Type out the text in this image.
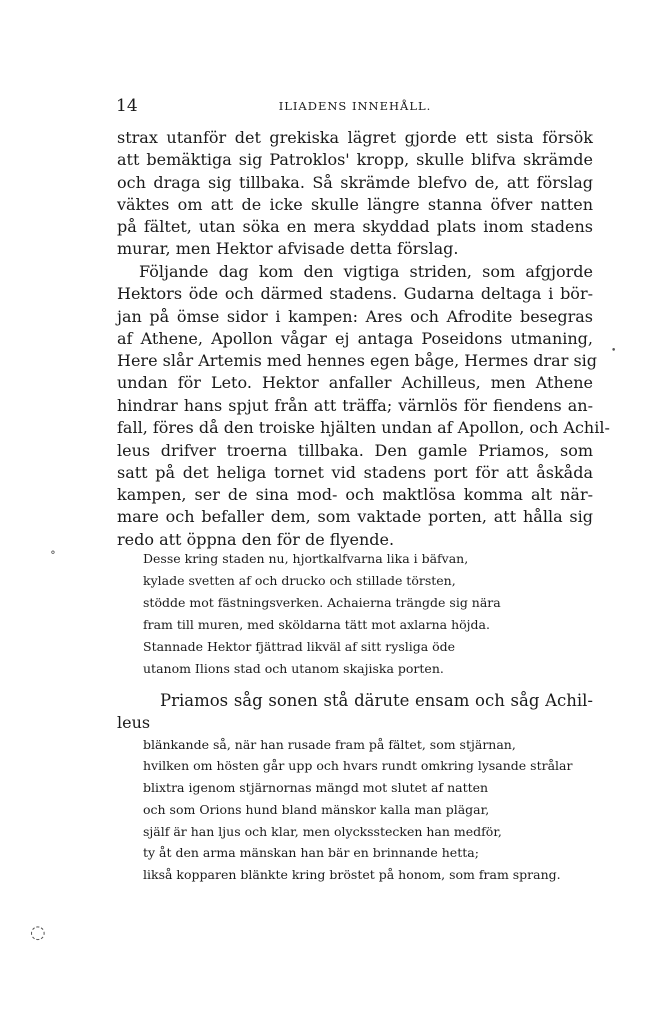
14	ILIADENS INNEHÅLL.
strax utanför det grekiska lägret gjorde ett sista försök
att bemäktiga sig Patroklos' kropp, skulle blifva skrämde
och draga sig tillbaka. Så skrämde blefvo de, att förslag
väktes om att de icke skulle längre stanna öfver natten
på fältet, utan söka en mera skyddad plats inom stadens
murar, men Hektor afvisade detta förslag.
Följande dag kom den vigtiga striden, som afgjorde
Hektors öde och därmed stadens. Gudarna deltaga i bör-
jan på ömse sidor i kampen: Ares och Afrodite besegras
af Athene, Apollon vågar ej antaga Poseidons utmaning,
Here slår Artemis med hennes egen båge, Hermes drar sig
undan för Leto. Hektor anfaller Achilleus, men Athene
hindrar hans spjut från att träffa; värnlös för fiendens an-
fall, föres då den troiske hjälten undan af Apollon, och Achil-
leus drifver troerna tillbaka. Den gamle Priamos, som
satt på det heliga tornet vid stadens port för att åskåda
kampen, ser de sina mod- och maktlösa komma alt när-
mare och befaller dem, som vaktade porten, att hålla sig
redo att öppna den för de flyende.
Desse kring staden nu, hjortkalfvarna lika i bäfvan,
kylade svetten af och drucko och stillade törsten,
stödde mot fästningsverken. Achaierna trängde sig nära
fram till muren, med sköldarna tätt mot axlarna höjda.
Stannade Hektor fjättrad likväl af sitt rysliga öde
utanom Ilions stad och utanom skajiska porten.
Priamos såg sonen stå därute ensam och såg Achil-
leus
blänkande så, när han rusade fram på fältet, som stjärnan,
hvilken om hösten går upp och hvars rundt omkring lysande strålar
blixtra igenom stjärnornas mängd mot slutet af natten
och som Orions hund bland mänskor kalla man plägar,
själf är han ljus och klar, men olycksstecken han medför,
ty åt den arma mänskan han bär en brinnande hetta;
likså kopparen blänkte kring bröstet på honom, som fram sprang.
∘
◌
•
